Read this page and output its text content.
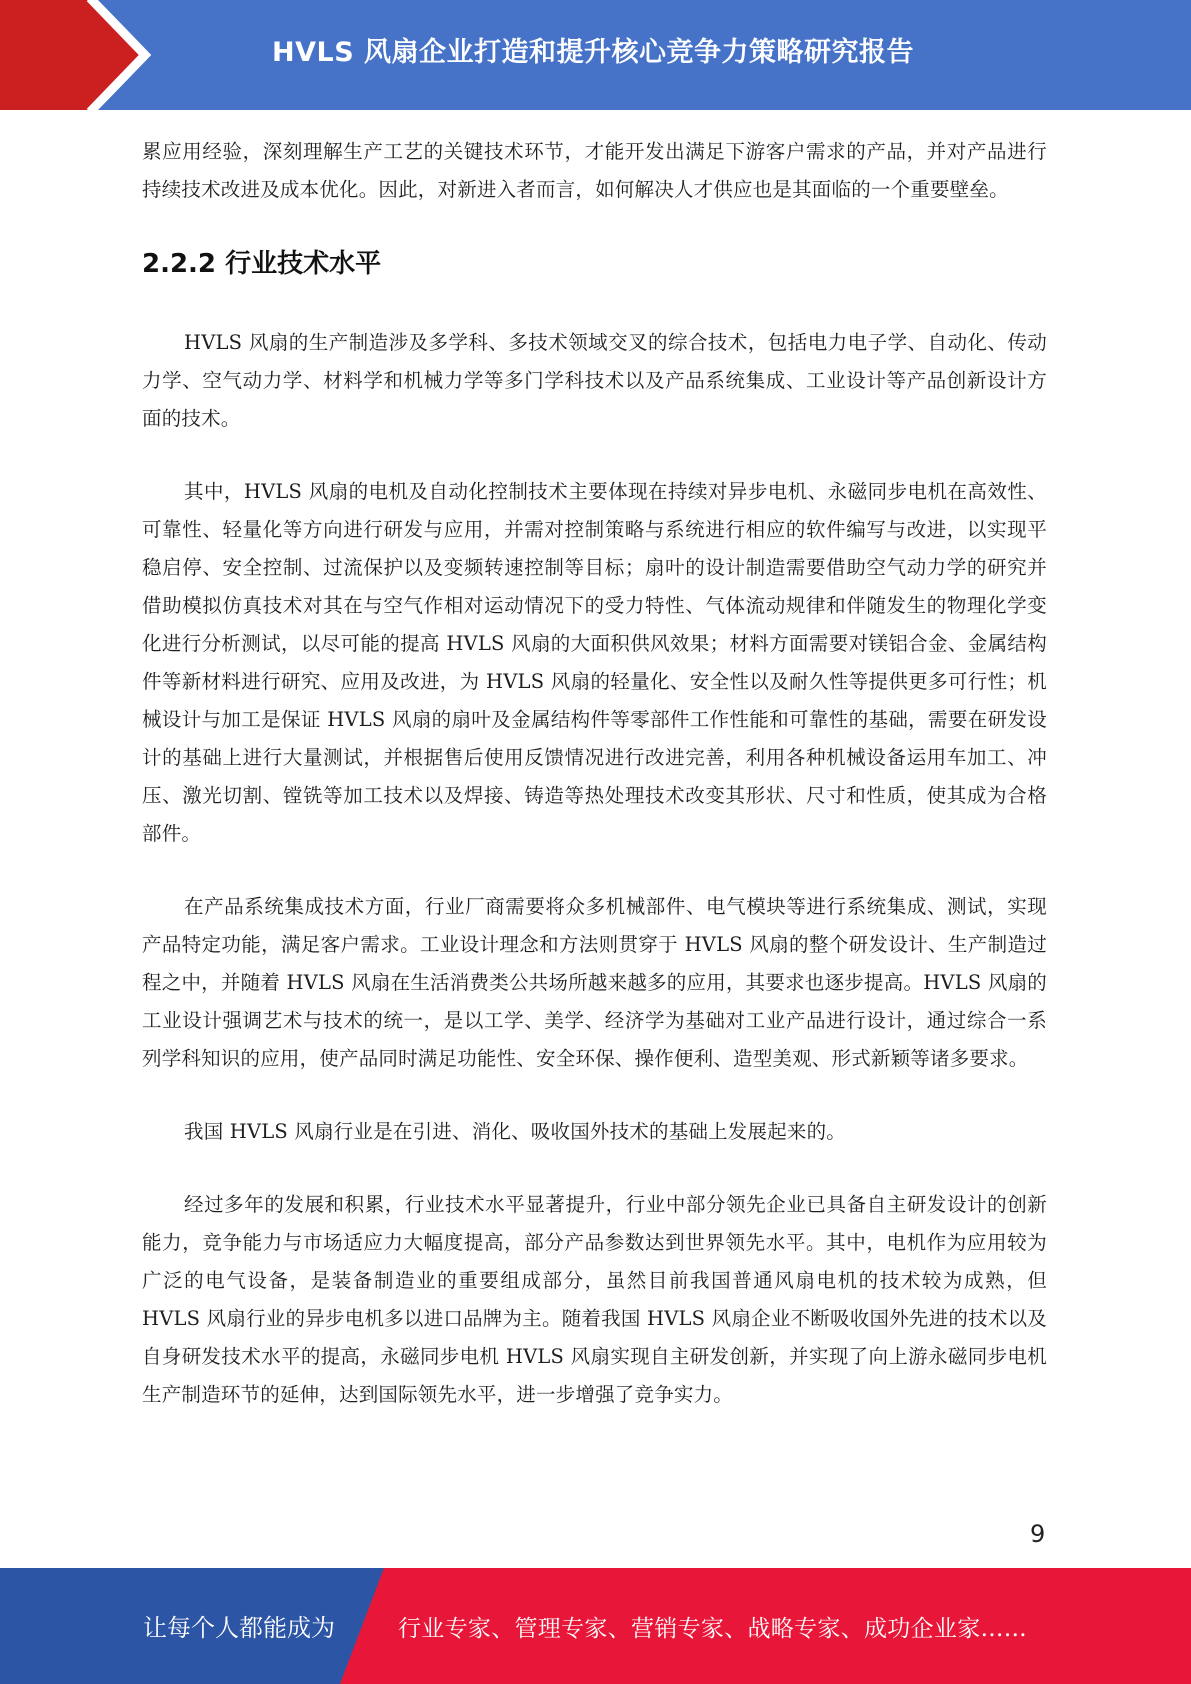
HVLS 风扇企业打造和提升核心竞争力策略研究报告

累应用经验，深刻理解生产工艺的关键技术环节，才能开发出满足下游客户需求的产品，并对产品进行持续技术改进及成本优化。因此，对新进入者而言，如何解决人才供应也是其面临的一个重要壁垒。

2.2.2 行业技术水平

HVLS 风扇的生产制造涉及多学科、多技术领域交叉的综合技术，包括电力电子学、自动化、传动力学、空气动力学、材料学和机械力学等多门学科技术以及产品系统集成、工业设计等产品创新设计方面的技术。

其中，HVLS 风扇的电机及自动化控制技术主要体现在持续对异步电机、永磁同步电机在高效性、可靠性、轻量化等方向进行研发与应用，并需对控制策略与系统进行相应的软件编写与改进，以实现平稳启停、安全控制、过流保护以及变频转速控制等目标；扇叶的设计制造需要借助空气动力学的研究并借助模拟仿真技术对其在与空气作相对运动情况下的受力特性、气体流动规律和伴随发生的物理化学变化进行分析测试，以尽可能的提高 HVLS 风扇的大面积供风效果；材料方面需要对镁铝合金、金属结构件等新材料进行研究、应用及改进，为 HVLS 风扇的轻量化、安全性以及耐久性等提供更多可行性；机械设计与加工是保证 HVLS 风扇的扇叶及金属结构件等零部件工作性能和可靠性的基础，需要在研发设计的基础上进行大量测试，并根据售后使用反馈情况进行改进完善，利用各种机械设备运用车加工、冲压、激光切割、镗铣等加工技术以及焊接、铸造等热处理技术改变其形状、尺寸和性质，使其成为合格部件。

在产品系统集成技术方面，行业厂商需要将众多机械部件、电气模块等进行系统集成、测试，实现产品特定功能，满足客户需求。工业设计理念和方法则贯穿于 HVLS 风扇的整个研发设计、生产制造过程之中，并随着 HVLS 风扇在生活消费类公共场所越来越多的应用，其要求也逐步提高。HVLS 风扇的工业设计强调艺术与技术的统一，是以工学、美学、经济学为基础对工业产品进行设计，通过综合一系列学科知识的应用，使产品同时满足功能性、安全环保、操作便利、造型美观、形式新颖等诸多要求。

我国 HVLS 风扇行业是在引进、消化、吸收国外技术的基础上发展起来的。

经过多年的发展和积累，行业技术水平显著提升，行业中部分领先企业已具备自主研发设计的创新能力，竞争能力与市场适应力大幅度提高，部分产品参数达到世界领先水平。其中，电机作为应用较为广泛的电气设备，是装备制造业的重要组成部分，虽然目前我国普通风扇电机的技术较为成熟，但 HVLS 风扇行业的异步电机多以进口品牌为主。随着我国 HVLS 风扇企业不断吸收国外先进的技术以及自身研发技术水平的提高，永磁同步电机 HVLS 风扇实现自主研发创新，并实现了向上游永磁同步电机生产制造环节的延伸，达到国际领先水平，进一步增强了竞争实力。

9
让每个人都能成为	行业专家、管理专家、营销专家、战略专家、成功企业家……
